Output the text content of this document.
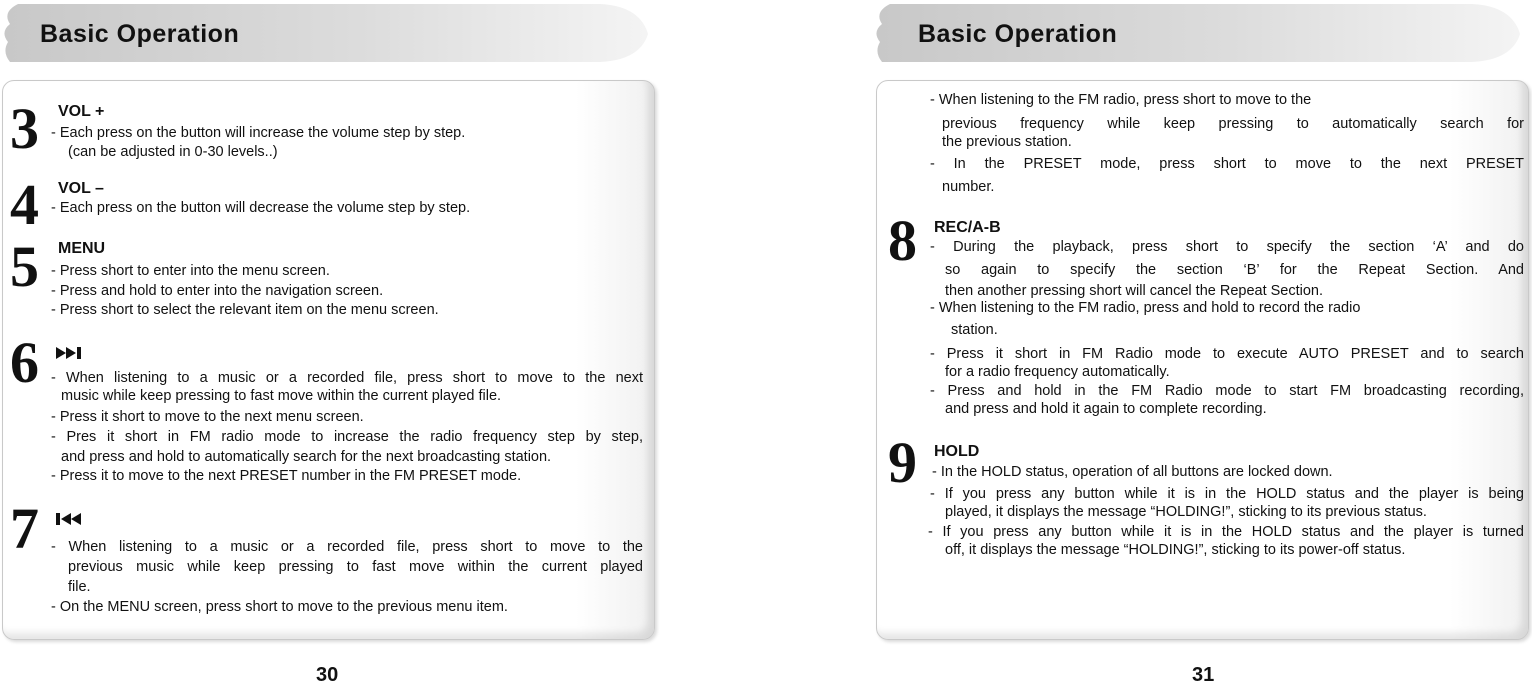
Basic Operation
3 VOL +
- Each press on the button will increase the volume step by step.
(can be adjusted in 0-30 levels..)
4 VOL –
- Each press on the button will decrease the volume step by step.
5 MENU
- Press short to enter into the menu screen.
- Press and hold to enter into the navigation screen.
- Press short to select the relevant item on the menu screen.
6 - When listening to a music or a recorded file, press short to move to the next
music while keep pressing to fast move within the current played file.
- Press it short to move to the next menu screen.
- Pres it short in FM radio mode to increase the radio frequency step by step,
and press and hold to automatically search for the next broadcasting station.
- Press it to move to the next PRESET number in the FM PRESET mode.
7 - When listening to a music or a recorded file, press short to move to the
previous music while keep pressing to fast move within the current played
file.
- On the MENU screen, press short to move to the previous menu item.
30
Basic Operation
- When listening to the FM radio, press short to move to the
previous frequency while keep pressing to automatically search for
the previous station.
- In the PRESET mode, press short to move to the next PRESET
number.
8 REC/A-B
- During the playback, press short to specify the section ‘A’ and do
so again to specify the section ‘B’ for the Repeat Section. And
then another pressing short will cancel the Repeat Section.
- When listening to the FM radio, press and hold to record the radio
station.
- Press it short in FM Radio mode to execute AUTO PRESET and to search
for a radio frequency automatically.
- Press and hold in the FM Radio mode to start FM broadcasting recording,
and press and hold it again to complete recording.
9 HOLD
- In the HOLD status, operation of all buttons are locked down.
- If you press any button while it is in the HOLD status and the player is being
played, it displays the message “HOLDING!”, sticking to its previous status.
- If you press any button while it is in the HOLD status and the player is turned
off, it displays the message “HOLDING!”, sticking to its power-off status.
31
